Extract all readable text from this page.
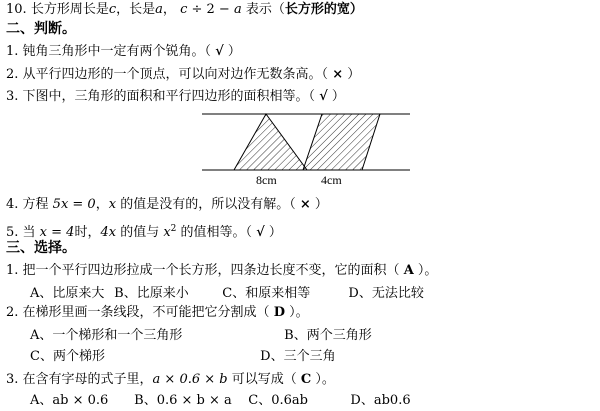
10. 长方形周长是c，长是a， c ÷ 2 − a 表示（长方形的宽）
二、判断。
1. 钝角三角形中一定有两个锐角。（ √ ）
2. 从平行四边形的一个顶点，可以向对边作无数条高。（ × ）
3. 下图中，三角形的面积和平行四边形的面积相等。（ √ ）
8cm	4cm
4. 方程 5x = 0，x 的值是没有的，所以没有解。（ × ）
5. 当 x = 4时，4x 的值与 $x^2$ 的值相等。（ √ ）
三、选择。
1. 把一个平行四边形拉成一个长方形，四条边长度不变，它的面积（ A ）。
A、比原来大 B、比原来小	C、和原来相等	D、无法比较
2. 在梯形里画一条线段，不可能把它分割成（ D ）。
A、一个梯形和一个三角形	B、两个三角形
C、两个梯形	D、三个三角
3. 在含有字母的式子里，a × 0.6 × b 可以写成（ C ）。
A、ab × 0.6 B、0.6 × b × a C、0.6ab	D、ab0.6
